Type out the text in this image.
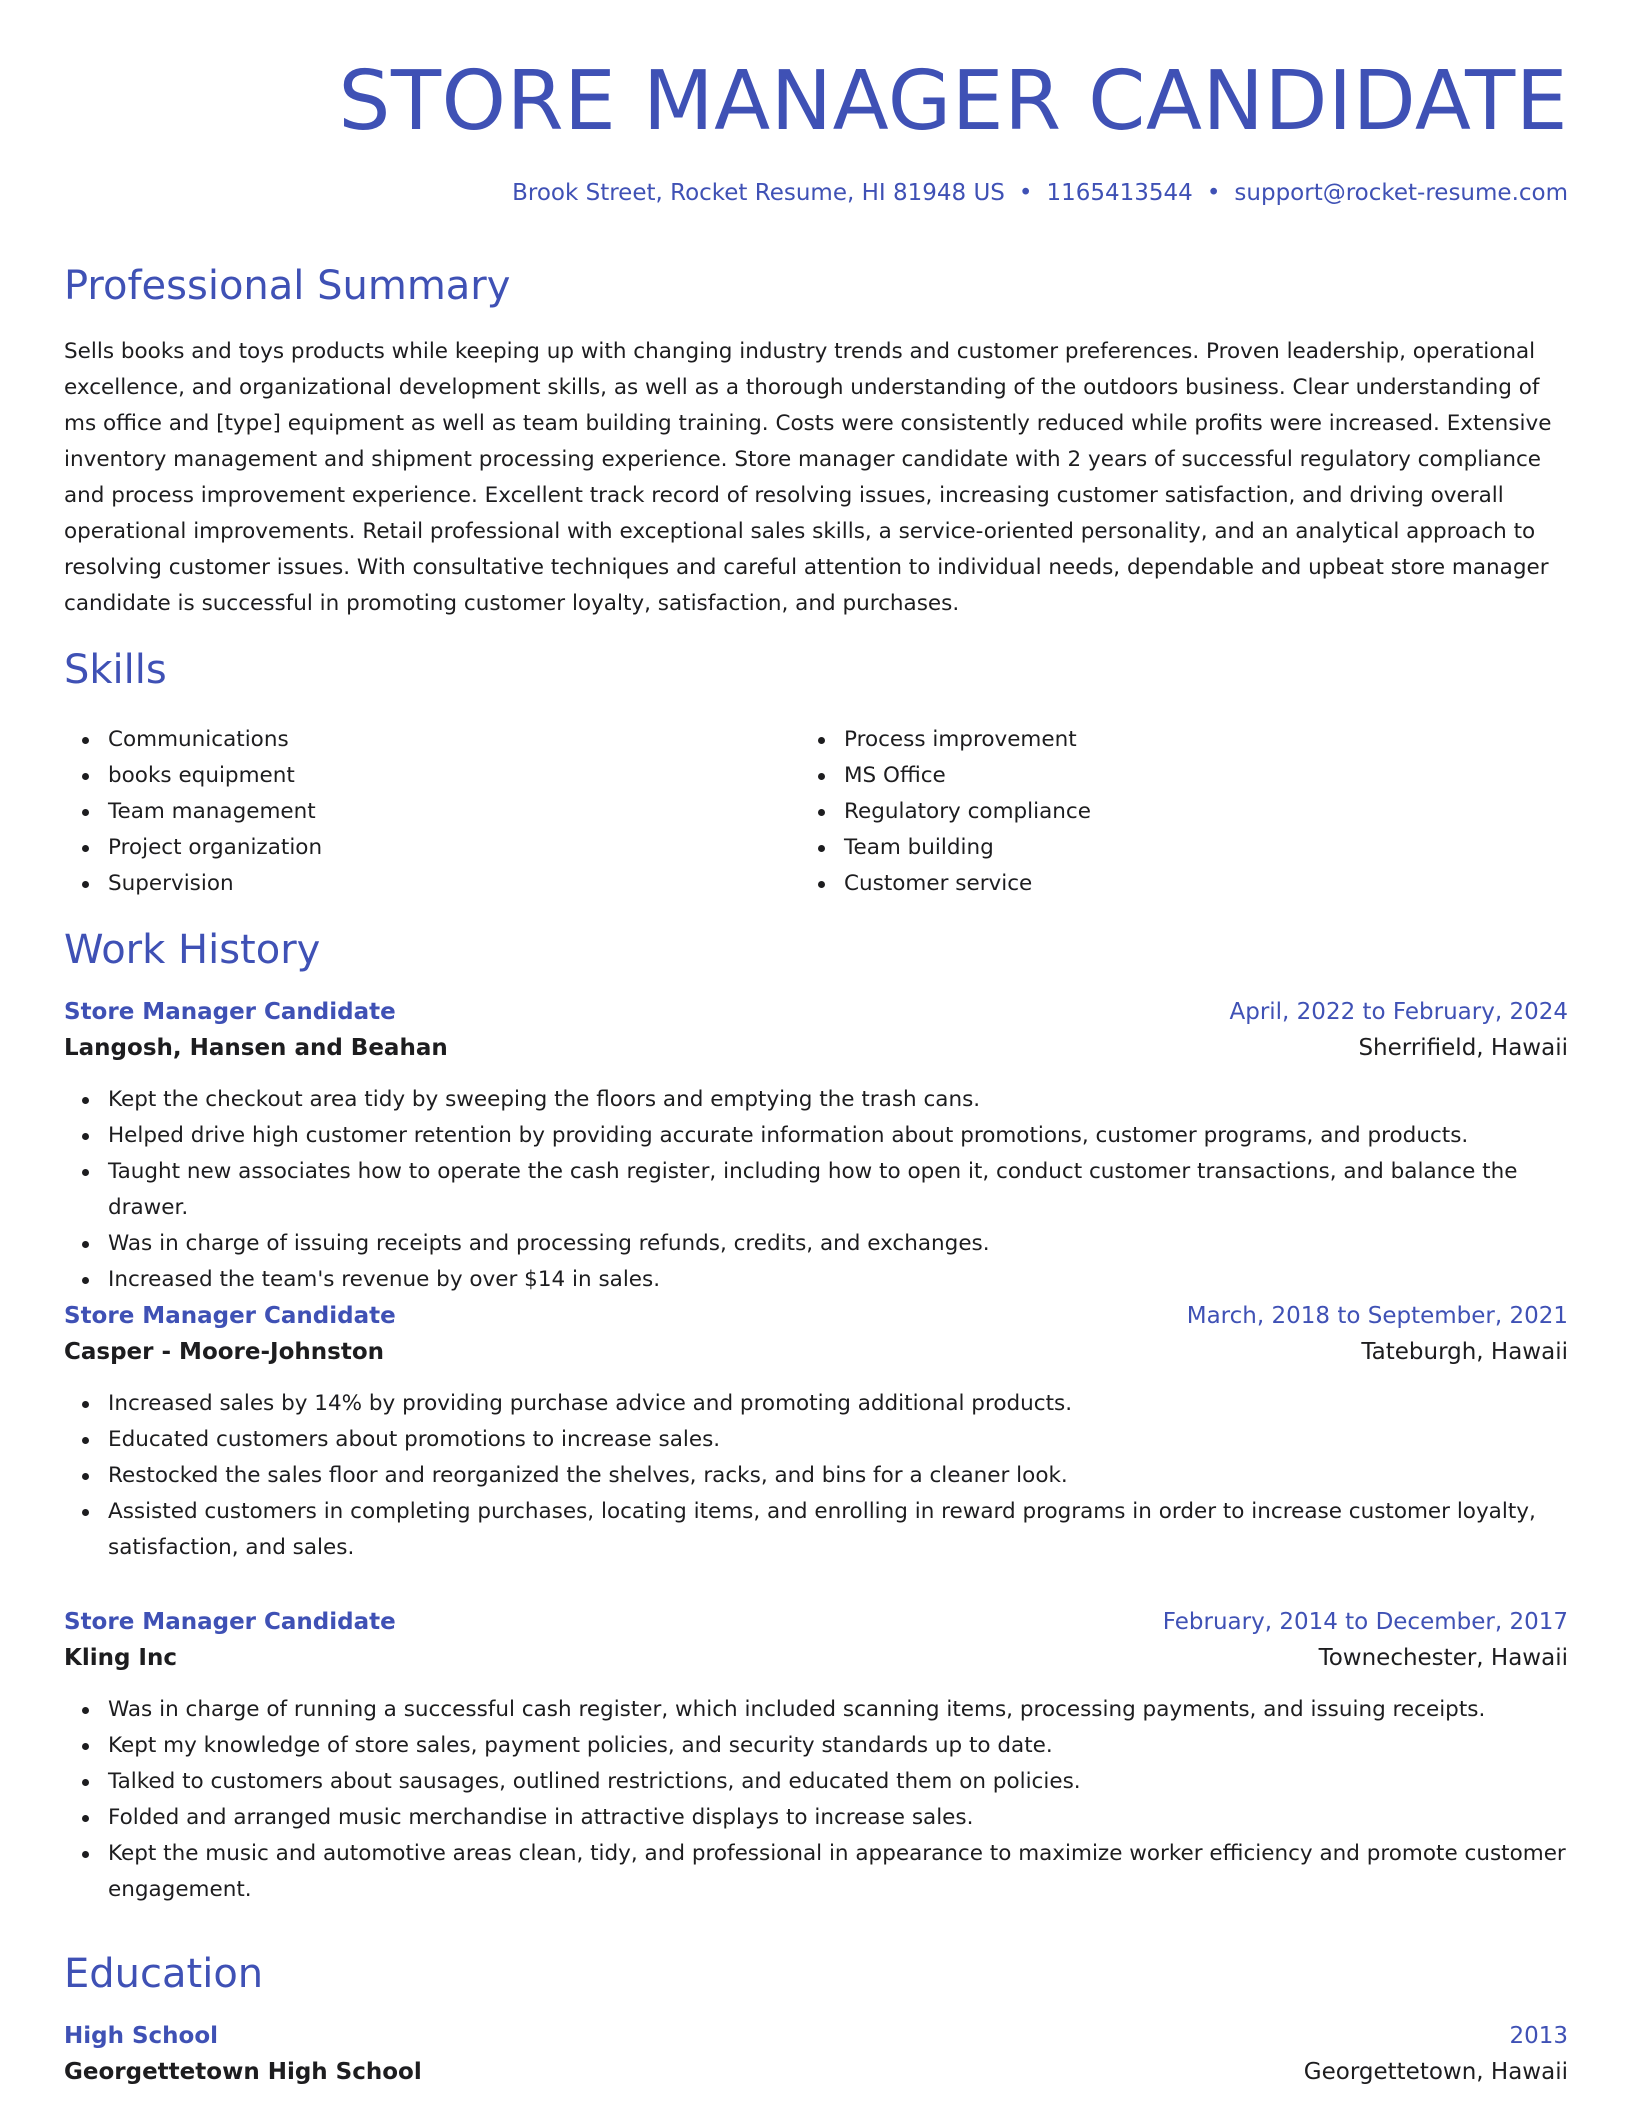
STORE MANAGER CANDIDATE
Brook Street, Rocket Resume, HI 81948 US • 1165413544 • support@rocket-resume.com
Professional Summary

Sells books and toys products while keeping up with changing industry trends and customer preferences. Proven leadership, operational excellence, and organizational development skills, as well as a thorough understanding of the outdoors business. Clear understanding of ms office and [type] equipment as well as team building training. Costs were consistently reduced while profits were increased. Extensive inventory management and shipment processing experience. Store manager candidate with 2 years of successful regulatory compliance and process improvement experience. Excellent track record of resolving issues, increasing customer satisfaction, and driving overall operational improvements. Retail professional with exceptional sales skills, a service-oriented personality, and an analytical approach to resolving customer issues. With consultative techniques and careful attention to individual needs, dependable and upbeat store manager candidate is successful in promoting customer loyalty, satisfaction, and purchases.

Skills
Communications
books equipment
Team management
Project organization
Supervision
Process improvement
MS Office
Regulatory compliance
Team building
Customer service
Work History
Store Manager Candidate	April, 2022 to February, 2024
Langosh, Hansen and Beahan	Sherrifield, Hawaii
Kept the checkout area tidy by sweeping the floors and emptying the trash cans.
Helped drive high customer retention by providing accurate information about promotions, customer programs, and products.
Taught new associates how to operate the cash register, including how to open it, conduct customer transactions, and balance the drawer.
Was in charge of issuing receipts and processing refunds, credits, and exchanges.
Increased the team's revenue by over $14 in sales.
Store Manager Candidate	March, 2018 to September, 2021
Casper - Moore-Johnston	Tateburgh, Hawaii
Increased sales by 14% by providing purchase advice and promoting additional products.
Educated customers about promotions to increase sales.
Restocked the sales floor and reorganized the shelves, racks, and bins for a cleaner look.
Assisted customers in completing purchases, locating items, and enrolling in reward programs in order to increase customer loyalty, satisfaction, and sales.
Store Manager Candidate	February, 2014 to December, 2017
Kling Inc	Townechester, Hawaii
Was in charge of running a successful cash register, which included scanning items, processing payments, and issuing receipts.
Kept my knowledge of store sales, payment policies, and security standards up to date.
Talked to customers about sausages, outlined restrictions, and educated them on policies.
Folded and arranged music merchandise in attractive displays to increase sales.
Kept the music and automotive areas clean, tidy, and professional in appearance to maximize worker efficiency and promote customer engagement.
Education
High School	2013
Georgettetown High School	Georgettetown, Hawaii
